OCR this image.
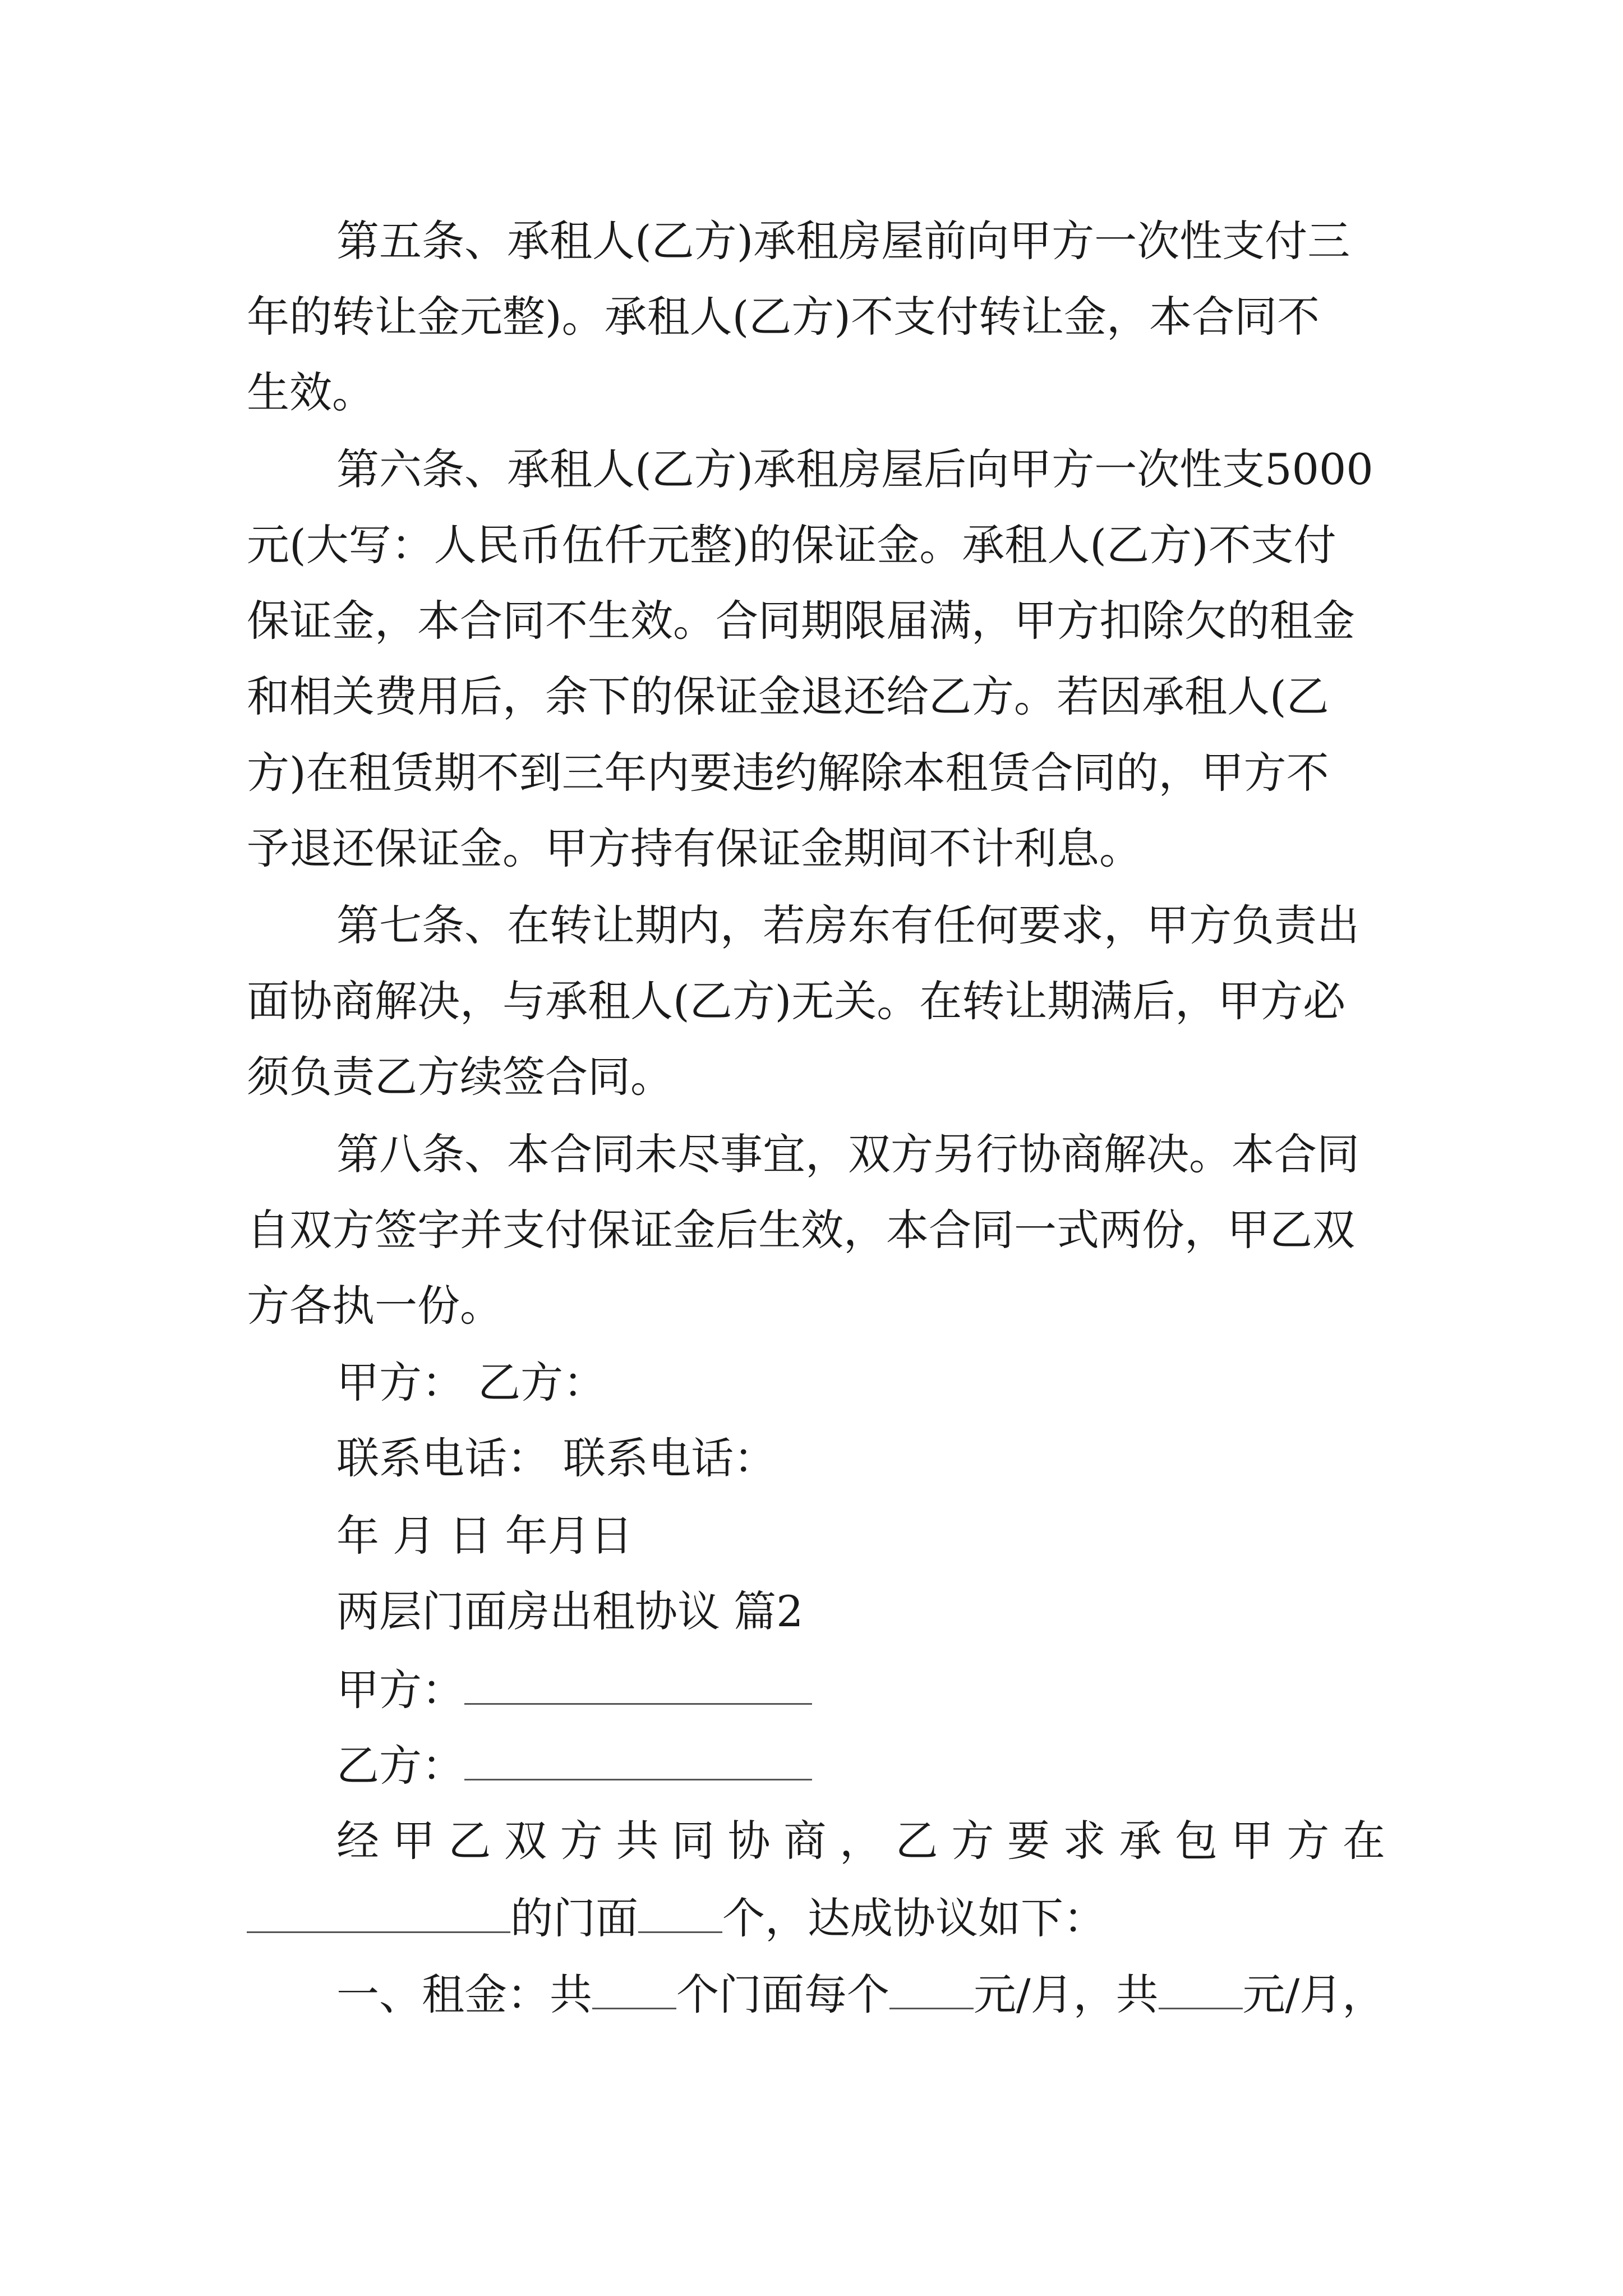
第五条、承租人(乙方)承租房屋前向甲方一次性支付三
年的转让金元整)。承租人(乙方)不支付转让金，本合同不
生效。
第六条、承租人(乙方)承租房屋后向甲方一次性支5000
元(大写：人民币伍仟元整)的保证金。承租人(乙方)不支付
保证金，本合同不生效。合同期限届满，甲方扣除欠的租金
和相关费用后，余下的保证金退还给乙方。若因承租人(乙
方)在租赁期不到三年内要违约解除本租赁合同的，甲方不
予退还保证金。甲方持有保证金期间不计利息。
第七条、在转让期内，若房东有任何要求，甲方负责出
面协商解决，与承租人(乙方)无关。在转让期满后，甲方必
须负责乙方续签合同。
第八条、本合同未尽事宜，双方另行协商解决。本合同
自双方签字并支付保证金后生效，本合同一式两份，甲乙双
方各执一份。
甲方： 乙方：
联系电话： 联系电话：
年 月 日 年月日
两层门面房出租协议 篇2
甲方：
乙方：
经甲乙双方共同协商，乙方要求承包甲方在
的门面 个，达成协议如下：
一、租金：共 个门面每个 元/月，共 元/月，
